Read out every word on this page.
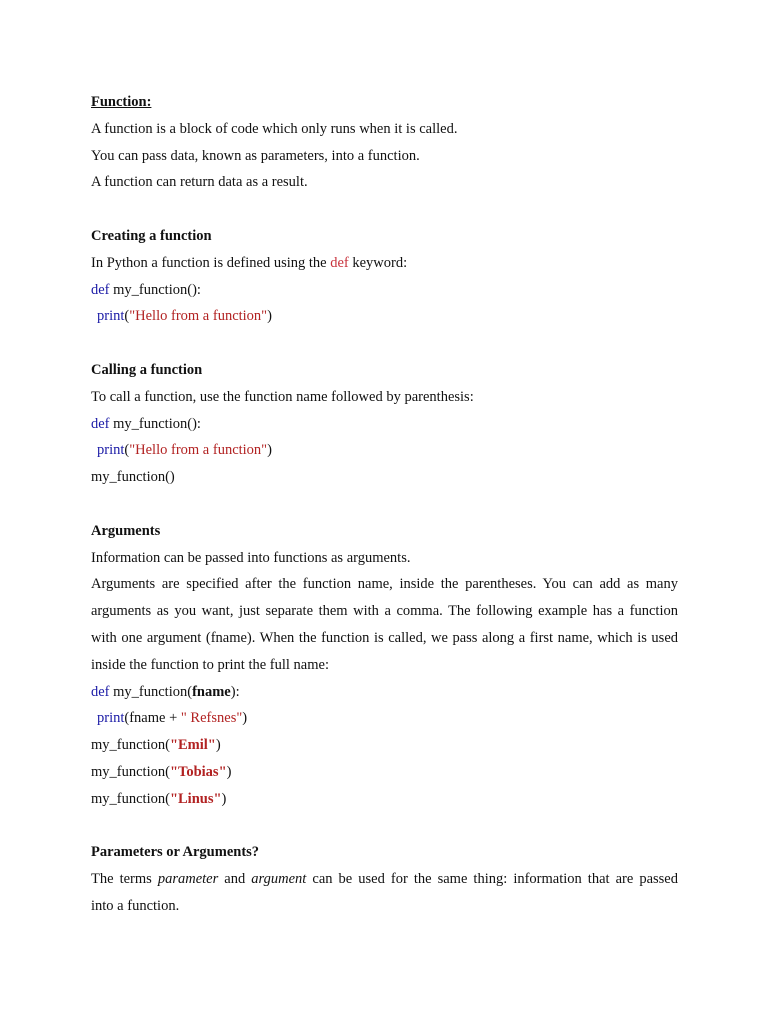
Function:
A function is a block of code which only runs when it is called.
You can pass data, known as parameters, into a function.
A function can return data as a result.
Creating a function
In Python a function is defined using the def keyword:
def my_function():
print("Hello from a function")
Calling a function
To call a function, use the function name followed by parenthesis:
def my_function():
print("Hello from a function")
my_function()
Arguments
Information can be passed into functions as arguments.
Arguments are specified after the function name, inside the parentheses. You can add as many
arguments as you want, just separate them with a comma. The following example has a function
with one argument (fname). When the function is called, we pass along a first name, which is used
inside the function to print the full name:
def my_function(fname):
print(fname + " Refsnes")
my_function("Emil")
my_function("Tobias")
my_function("Linus")
Parameters or Arguments?
The terms parameter and argument can be used for the same thing: information that are passed
into a function.
